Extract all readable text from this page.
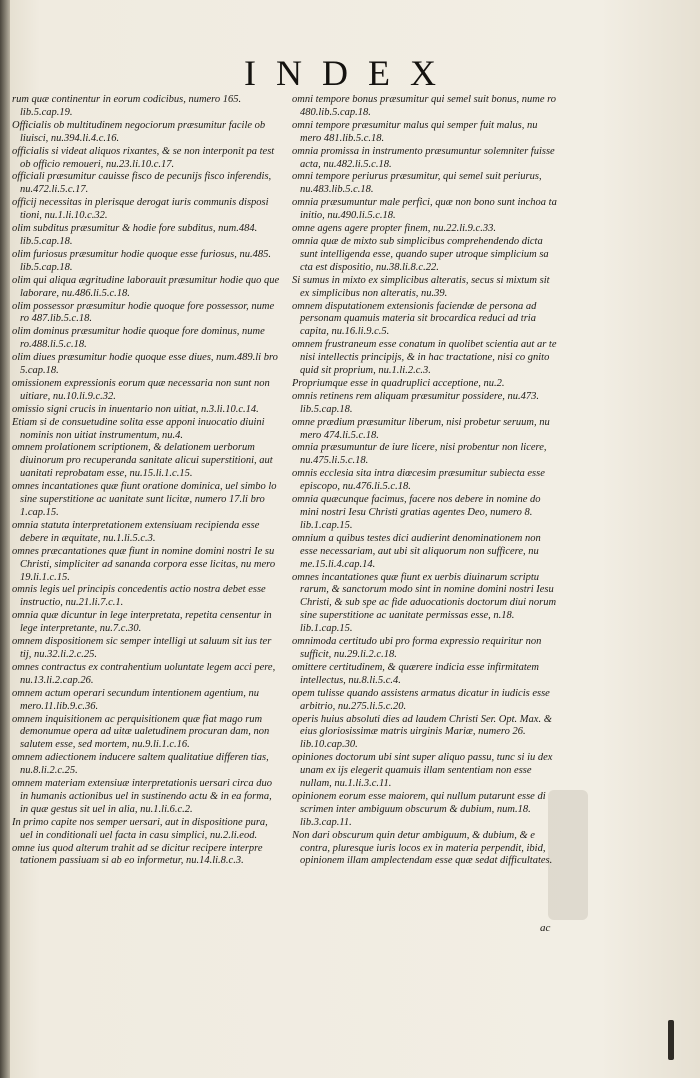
INDEX

rum quæ continentur in eorum codicibus, numero 165. lib.5.cap.19.

Officialis ob multitudinem negociorum præsumitur facile ob liuisci, nu.394.li.4.c.16.

officialis si videat aliquos rixantes, & se non interponit pa test ob officio remoueri, nu.23.li.10.c.17.

officiali præsumitur cauisse fisco de pecunijs fisco inferendis, nu.472.li.5.c.17.

officij necessitas in plerisque derogat iuris communis disposi tioni, nu.1.li.10.c.32.

olim subditus præsumitur & hodie fore subditus, num.484. lib.5.cap.18.

olim furiosus præsumitur hodie quoque esse furiosus, nu.485. lib.5.cap.18.

olim qui aliqua ægritudine laborauit præsumitur hodie quo que laborare, nu.486.li.5.c.18.

olim possessor præsumitur hodie quoque fore possessor, nume ro 487.lib.5.c.18.

olim dominus præsumitur hodie quoque fore dominus, nume ro.488.li.5.c.18.

olim diues præsumitur hodie quoque esse diues, num.489.li bro 5.cap.18.

omissionem expressionis eorum quæ necessaria non sunt non uitiare, nu.10.li.9.c.32.

omissio signi crucis in inuentario non uitiat, n.3.li.10.c.14.

Etiam si de consuetudine solita esse apponi inuocatio diuini nominis non uitiat instrumentum, nu.4.

omnem prolationem scriptionem, & delationem uerborum diuinorum pro recuperanda sanitate alicui superstitioni, aut uanitati reprobatam esse, nu.15.li.1.c.15.

omnes incantationes quæ fiunt oratione dominica, uel simbo lo sine superstitione ac uanitate sunt licitæ, numero 17.li bro 1.cap.15.

omnia statuta interpretationem extensiuam recipienda esse debere in æquitate, nu.1.li.5.c.3.

omnes præcantationes quæ fiunt in nomine domini nostri Ie su Christi, simpliciter ad sananda corpora esse licitas, nu mero 19.li.1.c.15.

omnis legis uel principis concedentis actio nostra debet esse instructio, nu.21.li.7.c.1.

omnia quæ dicuntur in lege interpretata, repetita censentur in lege interpretante, nu.7.c.30.

omnem dispositionem sic semper intelligi ut saluum sit ius ter tij, nu.32.li.2.c.25.

omnes contractus ex contrahentium uoluntate legem acci pere, nu.13.li.2.cap.26.

omnem actum operari secundum intentionem agentium, nu mero.11.lib.9.c.36.

omnem inquisitionem ac perquisitionem quæ fiat mago rum demonumue opera ad uitæ ualetudinem procuran dam, non salutem esse, sed mortem, nu.9.li.1.c.16.

omnem adiectionem inducere saltem qualitatiue differen tias, nu.8.li.2.c.25.

omnem materiam extensiuæ interpretationis uersari circa duo in humanis actionibus uel in sustinendo actu & in ea forma, in quæ gestus sit uel in alia, nu.1.li.6.c.2.

In primo capite nos semper uersari, aut in dispositione pura, uel in conditionali uel facta in casu simplici, nu.2.li.eod.

omne ius quod alterum trahit ad se dicitur recipere interpre tationem passiuam si ab eo informetur, nu.14.li.8.c.3.

omni tempore bonus præsumitur qui semel suit bonus, nume ro 480.lib.5.cap.18.

omni tempore præsumitur malus qui semper fuit malus, nu mero 481.lib.5.c.18.

omnia promissa in instrumento præsumuntur solemniter fuisse acta, nu.482.li.5.c.18.

omni tempore periurus præsumitur, qui semel suit periurus, nu.483.lib.5.c.18.

omnia præsumuntur male perfici, quæ non bono sunt inchoa ta initio, nu.490.li.5.c.18.

omne agens agere propter finem, nu.22.li.9.c.33.

omnia quæ de mixto sub simplicibus comprehendendo dicta sunt intelligenda esse, quando super utroque simplicium sa cta est dispositio, nu.38.li.8.c.22.

Si sumus in mixto ex simplicibus alteratis, secus si mixtum sit ex simplicibus non alteratis, nu.39.

omnem disputationem extensionis faciendæ de persona ad personam quamuis materia sit brocardica reduci ad tria capita, nu.16.li.9.c.5.

omnem frustraneum esse conatum in quolibet scientia aut ar te nisi intellectis principijs, & in hac tractatione, nisi co gnito quid sit proprium, nu.1.li.2.c.3.

Propriumque esse in quadruplici acceptione, nu.2.

omnis retinens rem aliquam præsumitur possidere, nu.473. lib.5.cap.18.

omne prædium præsumitur liberum, nisi probetur seruum, nu mero 474.li.5.c.18.

omnia præsumuntur de iure licere, nisi probentur non licere, nu.475.li.5.c.18.

omnis ecclesia sita intra diœcesim præsumitur subiecta esse episcopo, nu.476.li.5.c.18.

omnia quæcunque facimus, facere nos debere in nomine do mini nostri Iesu Christi gratias agentes Deo, numero 8. lib.1.cap.15.

omnium a quibus testes dici audierint denominationem non esse necessariam, aut ubi sit aliquorum non sufficere, nu me.15.li.4.cap.14.

omnes incantationes quæ fiunt ex uerbis diuinarum scriptu rarum, & sanctorum modo sint in nomine domini nostri Iesu Christi, & sub spe ac fide aduocationis doctorum diui norum sine superstitione ac uanitate permissas esse, n.18. lib.1.cap.15.

omnimoda certitudo ubi pro forma expressio requiritur non sufficit, nu.29.li.2.c.18.

omittere certitudinem, & quærere indicia esse infirmitatem intellectus, nu.8.li.5.c.4.

opem tulisse quando assistens armatus dicatur in iudicis esse arbitrio, nu.275.li.5.c.20.

operis huius absoluti dies ad laudem Christi Ser. Opt. Max. & eius gloriosissimæ matris uirginis Mariæ, numero 26. lib.10.cap.30.

opiniones doctorum ubi sint super aliquo passu, tunc si iu dex unam ex ijs elegerit quamuis illam sententiam non esse nullam, nu.1.li.3.c.11.

opinionem eorum esse maiorem, qui nullum putarunt esse di scrimen inter ambiguum obscurum & dubium, num.18. lib.3.cap.11.

Non dari obscurum quin detur ambiguum, & dubium, & e contra, pluresque iuris locos ex in materia perpendit, ibid, opinionem illam amplectendam esse quæ sedat difficultates.

ac
